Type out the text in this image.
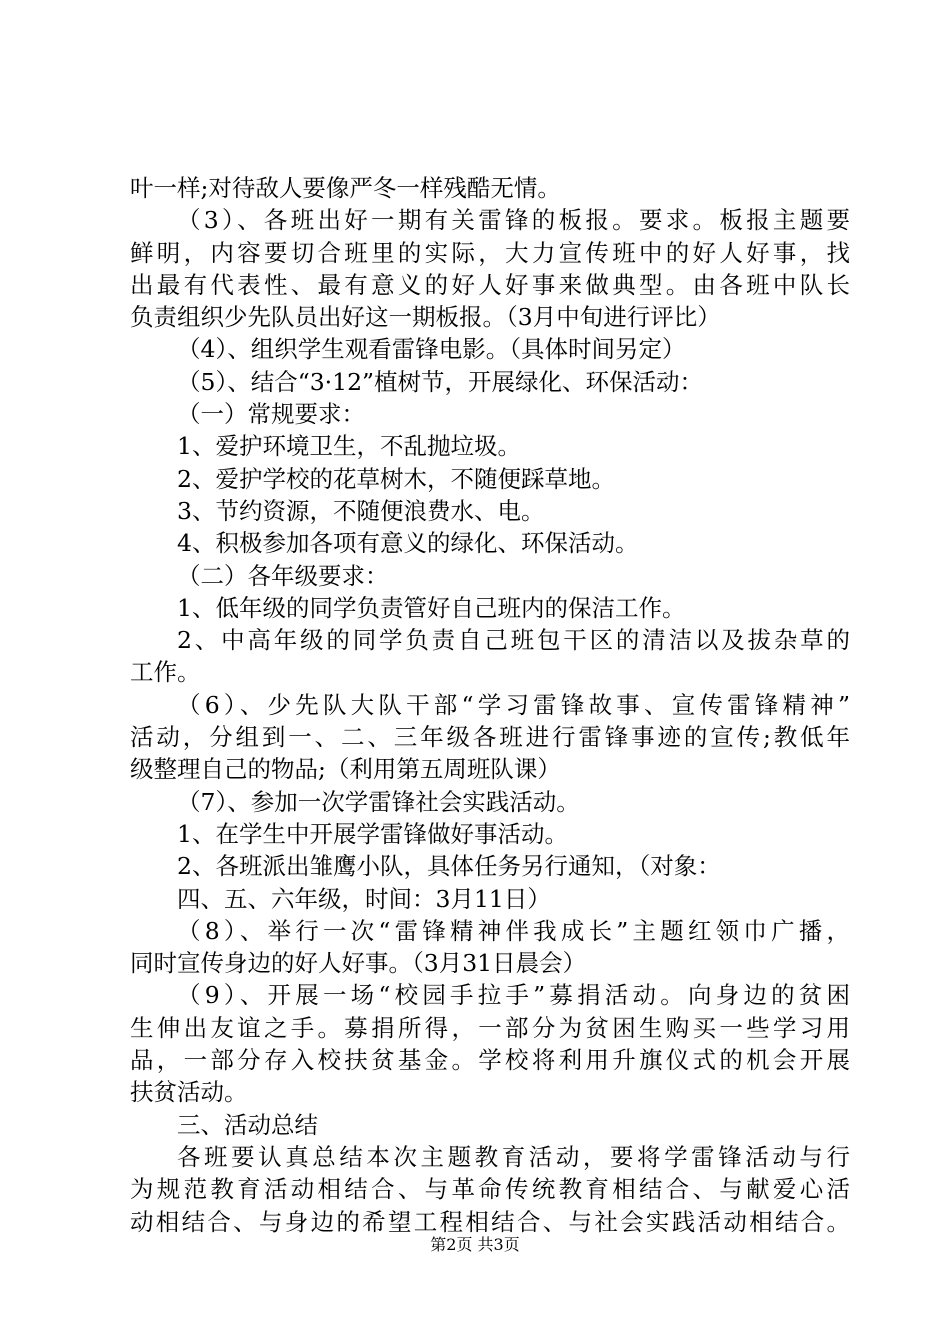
叶一样;对待敌人要像严冬一样残酷无情。
（3）、各班出好一期有关雷锋的板报。要求。板报主题要
鲜明，内容要切合班里的实际，大力宣传班中的好人好事，找
出最有代表性、最有意义的好人好事来做典型。由各班中队长
负责组织少先队员出好这一期板报。（3月中旬进行评比）
（4）、组织学生观看雷锋电影。（具体时间另定）
（5）、结合“3·12”植树节，开展绿化、环保活动：
（一）常规要求：
1、爱护环境卫生，不乱抛垃圾。
2、爱护学校的花草树木，不随便踩草地。
3、节约资源，不随便浪费水、电。
4、积极参加各项有意义的绿化、环保活动。
（二）各年级要求：
1、低年级的同学负责管好自己班内的保洁工作。
2、中高年级的同学负责自己班包干区的清洁以及拔杂草的
工作。
（6）、少先队大队干部“学习雷锋故事、宣传雷锋精神”
活动，分组到一、二、三年级各班进行雷锋事迹的宣传;教低年
级整理自己的物品;（利用第五周班队课）
（7）、参加一次学雷锋社会实践活动。
1、在学生中开展学雷锋做好事活动。
2、各班派出雏鹰小队，具体任务另行通知，（对象：
四、五、六年级，时间：3月11日）
（8）、举行一次“雷锋精神伴我成长”主题红领巾广播，
同时宣传身边的好人好事。（3月31日晨会）
（9）、开展一场“校园手拉手”募捐活动。向身边的贫困
生伸出友谊之手。募捐所得，一部分为贫困生购买一些学习用
品，一部分存入校扶贫基金。学校将利用升旗仪式的机会开展
扶贫活动。
三、活动总结
各班要认真总结本次主题教育活动，要将学雷锋活动与行
为规范教育活动相结合、与革命传统教育相结合、与献爱心活
动相结合、与身边的希望工程相结合、与社会实践活动相结合。
第2页 共3页
